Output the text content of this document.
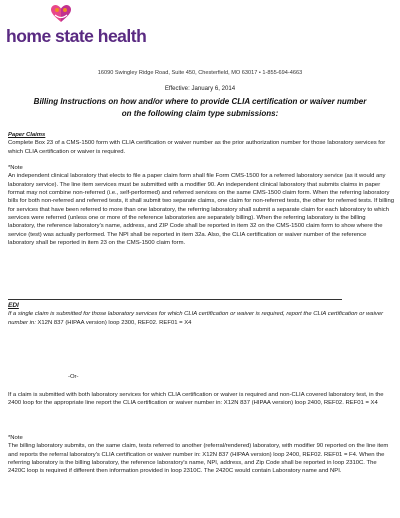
home state health
16090 Swingley Ridge Road, Suite 450, Chesterfield, MO 63017 • 1-855-694-4663
Effective: January 6, 2014
Billing Instructions on how and/or where to provide CLIA certification or waiver number on the following claim type submissions:

Paper Claims

Complete Box 23 of a CMS-1500 form with CLIA certification or waiver number as the prior authorization number for those laboratory services for which CLIA certification or waiver is required.

*Note

An independent clinical laboratory that elects to file a paper claim form shall file Form CMS-1500 for a referred laboratory service (as it would any laboratory service). The line item services must be submitted with a modifier 90. An independent clinical laboratory that submits claims in paper format may not combine non-referred (i.e., self-performed) and referred services on the same CMS-1500 claim form. When the referring laboratory bills for both non-referred and referred tests, it shall submit two separate claims, one claim for non-referred tests, the other for referred tests. If billing for services that have been referred to more than one laboratory, the referring laboratory shall submit a separate claim for each laboratory to which services were referred (unless one or more of the reference laboratories are separately billing). When the referring laboratory is the billing laboratory, the reference laboratory's name, address, and ZIP Code shall be reported in item 32 on the CMS-1500 claim form to show where the service (test) was actually performed. The NPI shall be reported in item 32a. Also, the CLIA certification or waiver number of the reference laboratory shall be reported in item 23 on the CMS-1500 claim form.

EDI

If a single claim is submitted for those laboratory services for which CLIA certification or waiver is required, report the CLIA certification or waiver number in: X12N 837 (HIPAA version) loop 2300, REF02. REF01 = X4

-Or-

If a claim is submitted with both laboratory services for which CLIA certification or waiver is required and non-CLIA covered laboratory test, in the 2400 loop for the appropriate line report the CLIA certification or waiver number in: X12N 837 (HIPAA version) loop 2400, REF02. REF01 = X4

*Note

The billing laboratory submits, on the same claim, tests referred to another (referral/rendered) laboratory, with modifier 90 reported on the line item and reports the referral laboratory's CLIA certification or waiver number in: X12N 837 (HIPAA version) loop 2400, REF02. REF01 = F4. When the referring laboratory is the billing laboratory, the reference laboratory's name, NPI, address, and Zip Code shall be reported in loop 2310C. The 2420C loop is required if different then information provided in loop 2310C. The 2420C would contain Laboratory name and NPI.
